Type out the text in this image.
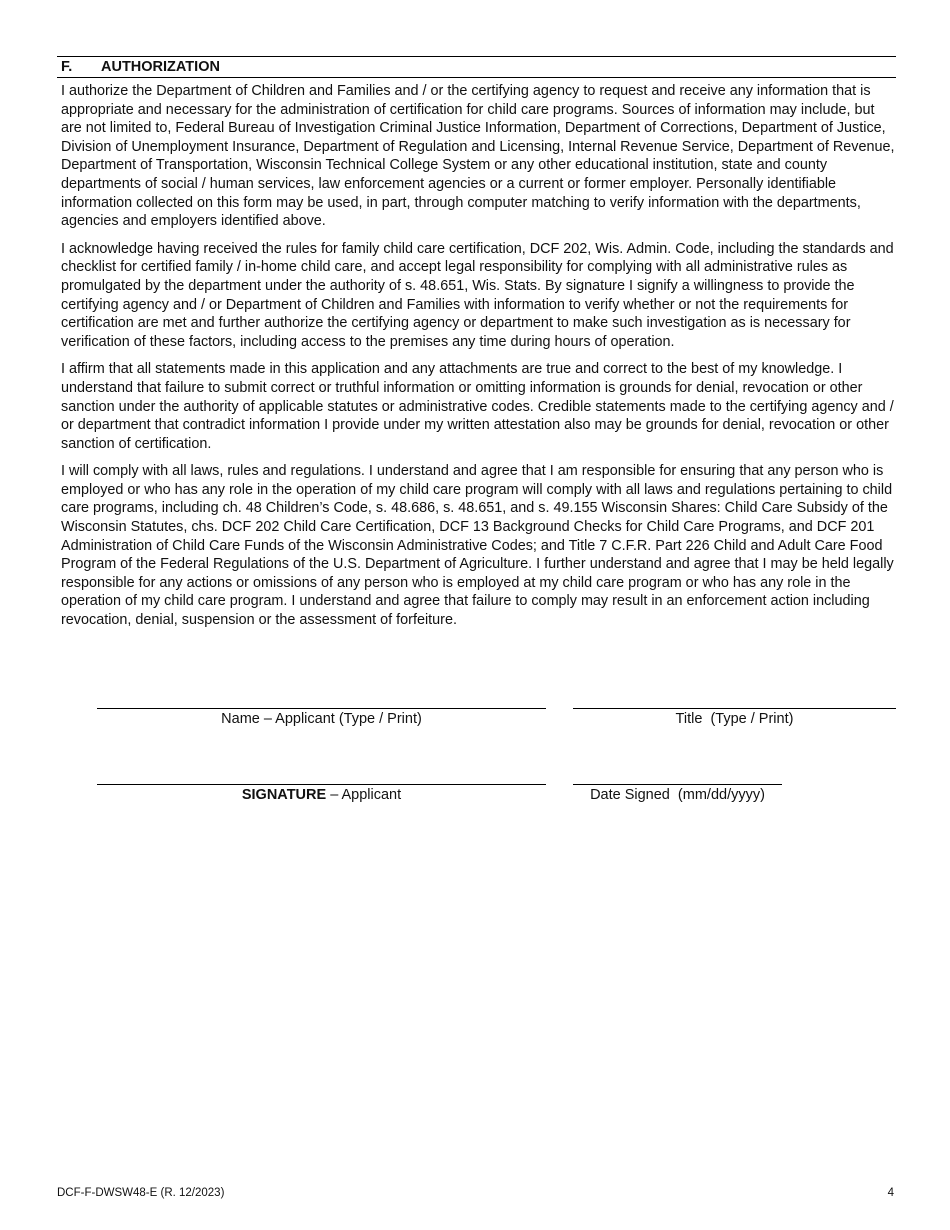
F. AUTHORIZATION

I authorize the Department of Children and Families and / or the certifying agency to request and receive any information that is appropriate and necessary for the administration of certification for child care programs. Sources of information may include, but are not limited to, Federal Bureau of Investigation Criminal Justice Information, Department of Corrections, Department of Justice, Division of Unemployment Insurance, Department of Regulation and Licensing, Internal Revenue Service, Department of Revenue, Department of Transportation, Wisconsin Technical College System or any other educational institution, state and county departments of social / human services, law enforcement agencies or a current or former employer. Personally identifiable information collected on this form may be used, in part, through computer matching to verify information with the departments, agencies and employers identified above.

I acknowledge having received the rules for family child care certification, DCF 202, Wis. Admin. Code, including the standards and checklist for certified family / in-home child care, and accept legal responsibility for complying with all administrative rules as promulgated by the department under the authority of s. 48.651, Wis. Stats. By signature I signify a willingness to provide the certifying agency and / or Department of Children and Families with information to verify whether or not the requirements for certification are met and further authorize the certifying agency or department to make such investigation as is necessary for verification of these factors, including access to the premises any time during hours of operation.

I affirm that all statements made in this application and any attachments are true and correct to the best of my knowledge. I understand that failure to submit correct or truthful information or omitting information is grounds for denial, revocation or other sanction under the authority of applicable statutes or administrative codes. Credible statements made to the certifying agency and / or department that contradict information I provide under my written attestation also may be grounds for denial, revocation or other sanction of certification.

I will comply with all laws, rules and regulations. I understand and agree that I am responsible for ensuring that any person who is employed or who has any role in the operation of my child care program will comply with all laws and regulations pertaining to child care programs, including ch. 48 Children’s Code, s. 48.686, s. 48.651, and s. 49.155 Wisconsin Shares: Child Care Subsidy of the Wisconsin Statutes, chs. DCF 202 Child Care Certification, DCF 13 Background Checks for Child Care Programs, and DCF 201 Administration of Child Care Funds of the Wisconsin Administrative Codes; and Title 7 C.F.R. Part 226 Child and Adult Care Food Program of the Federal Regulations of the U.S. Department of Agriculture. I further understand and agree that I may be held legally responsible for any actions or omissions of any person who is employed at my child care program or who has any role in the operation of my child care program. I understand and agree that failure to comply may result in an enforcement action including revocation, denial, suspension or the assessment of forfeiture.

Name – Applicant (Type / Print)	Title  (Type / Print)
SIGNATURE – Applicant	Date Signed  (mm/dd/yyyy)
DCF-F-DWSW48-E (R. 12/2023)	4
